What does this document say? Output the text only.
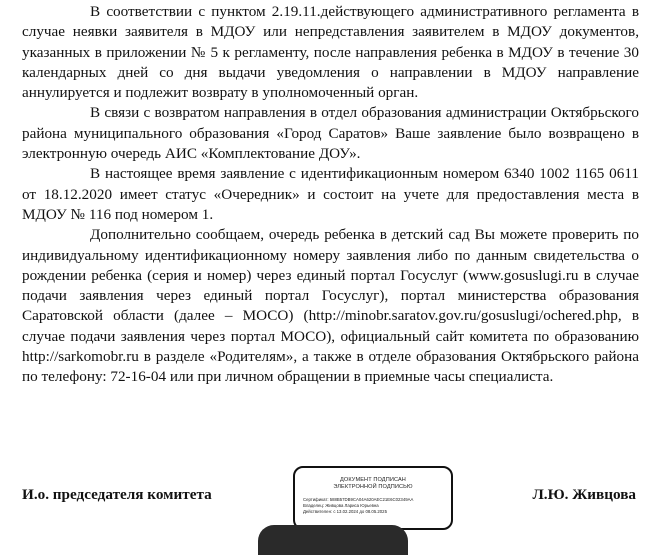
В соответствии с пунктом 2.19.11.действующего административного регламента в случае неявки заявителя в МДОУ или непредставления заявителем в МДОУ документов, указанных в приложении № 5 к регламенту, после направления ребенка в МДОУ в течение 30 календарных дней со дня выдачи уведомления о направлении в МДОУ направление аннулируется и подлежит возврату в уполномоченный орган.

В связи с возвратом направления в отдел образования администрации Октябрьского района муниципального образования «Город Саратов» Ваше заявление было возвращено в электронную очередь АИС «Комплектование ДОУ».

В настоящее время заявление с идентификационным номером 6340 1002 1165 0611 от 18.12.2020 имеет статус «Очередник» и состоит на учете для предоставления места в МДОУ № 116 под номером 1.

Дополнительно сообщаем, очередь ребенка в детский сад Вы можете проверить по индивидуальному идентификационному номеру заявления либо по данным свидетельства о рождении ребенка (серия и номер) через единый портал Госуслуг (www.gosuslugi.ru в случае подачи заявления через единый портал Госуслуг), портал министерства образования Саратовской области (далее – МОСО) (http://minobr.saratov.gov.ru/gosuslugi/ochered.php, в случае подачи заявления через портал МОСО), официальный сайт комитета по образованию http://sarkomobr.ru в разделе «Родителям», а также в отделе образования Октябрьского района по телефону: 72-16-04 или при личном обращении в приемные часы специалиста.

И.о. председателя комитета
ДОКУМЕНТ ПОДПИСАН
ЭЛЕКТРОННОЙ ПОДПИСЬЮ
Сертификат: 588B57DB9CA04A620AEC21E6C02349AA
Владелец: Живцова Лариса Юрьевна
Действителен: с 13.02.2024 до 08.05.2025
Л.Ю. Живцова
